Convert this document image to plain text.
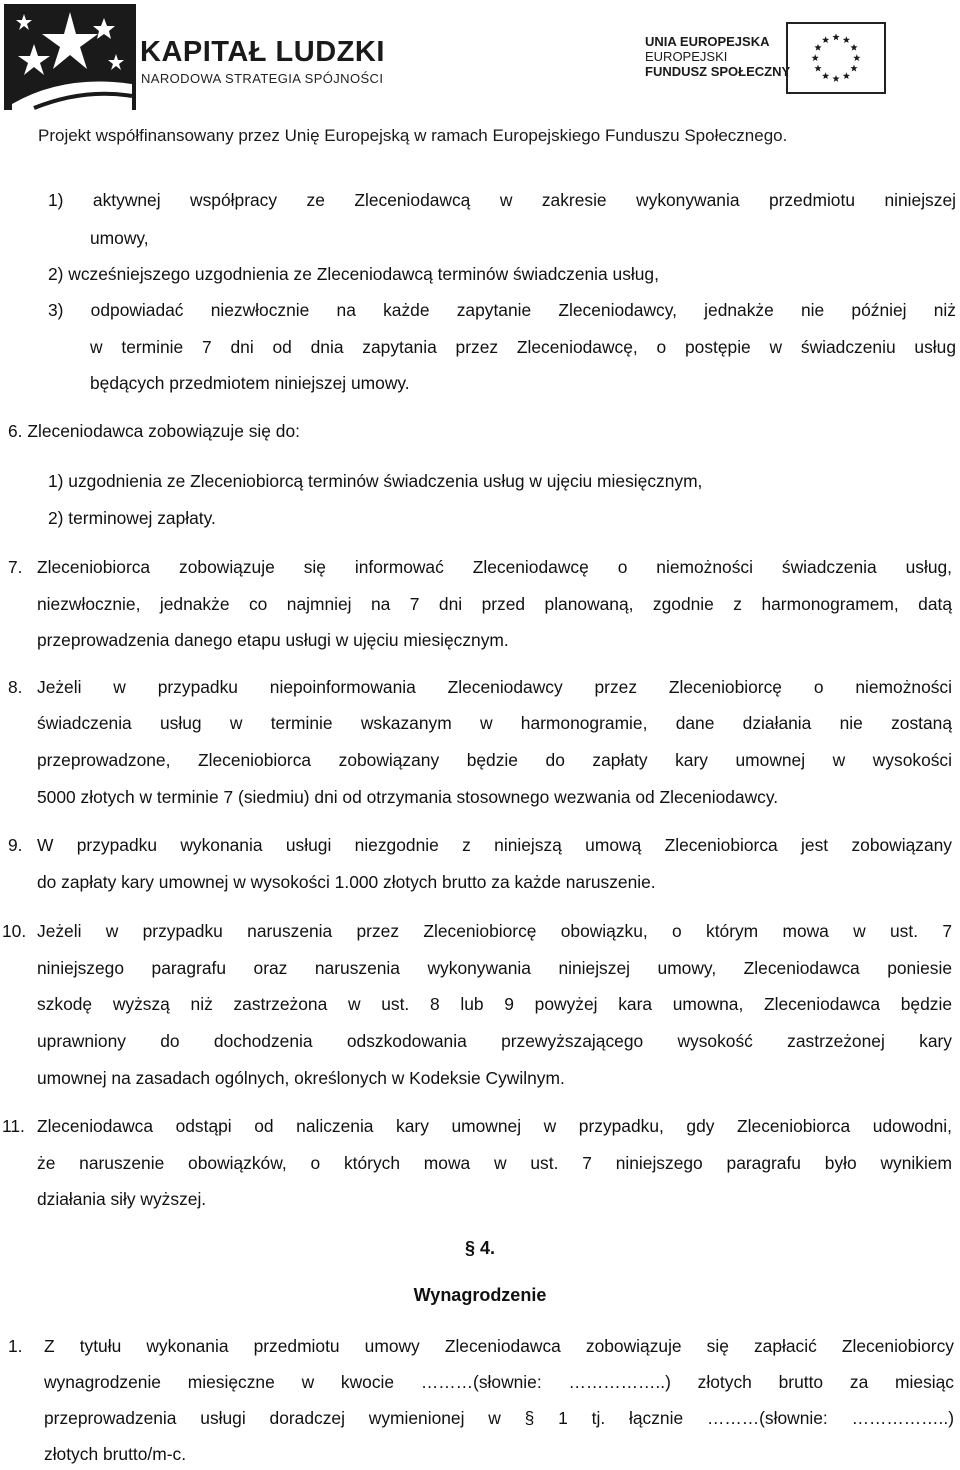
KAPITAŁ LUDZKI
NARODOWA STRATEGIA SPÓJNOŚCI
UNIA EUROPEJSKA
EUROPEJSKI
FUNDUSZ SPOŁECZNY
Projekt współfinansowany przez Unię Europejską w ramach Europejskiego Funduszu Społecznego.
1) aktywnej współpracy ze Zleceniodawcą w zakresie wykonywania przedmiotu niniejszej
umowy,
2) wcześniejszego uzgodnienia ze Zleceniodawcą terminów świadczenia usług,
3) odpowiadać niezwłocznie na każde zapytanie Zleceniodawcy, jednakże nie później niż
w terminie 7 dni od dnia zapytania przez Zleceniodawcę, o postępie w świadczeniu usług
będących przedmiotem niniejszej umowy.
6. Zleceniodawca zobowiązuje się do:
1) uzgodnienia ze Zleceniobiorcą terminów świadczenia usług w ujęciu miesięcznym,
2) terminowej zapłaty.
7. Zleceniobiorca zobowiązuje się informować Zleceniodawcę o niemożności świadczenia usług,
niezwłocznie, jednakże co najmniej na 7 dni przed planowaną, zgodnie z harmonogramem, datą
przeprowadzenia danego etapu usługi w ujęciu miesięcznym.
8. Jeżeli w przypadku niepoinformowania Zleceniodawcy przez Zleceniobiorcę o niemożności
świadczenia usług w terminie wskazanym w harmonogramie, dane działania nie zostaną
przeprowadzone, Zleceniobiorca zobowiązany będzie do zapłaty kary umownej w wysokości
5000 złotych w terminie 7 (siedmiu) dni od otrzymania stosownego wezwania od Zleceniodawcy.
9. W przypadku wykonania usługi niezgodnie z niniejszą umową Zleceniobiorca jest zobowiązany
do zapłaty kary umownej w wysokości 1.000 złotych brutto za każde naruszenie.
10. Jeżeli w przypadku naruszenia przez Zleceniobiorcę obowiązku, o którym mowa w ust. 7
niniejszego paragrafu oraz naruszenia wykonywania niniejszej umowy, Zleceniodawca poniesie
szkodę wyższą niż zastrzeżona w ust. 8 lub 9 powyżej kara umowna, Zleceniodawca będzie
uprawniony do dochodzenia odszkodowania przewyższającego wysokość zastrzeżonej kary
umownej na zasadach ogólnych, określonych w Kodeksie Cywilnym.
11. Zleceniodawca odstąpi od naliczenia kary umownej w przypadku, gdy Zleceniobiorca udowodni,
że naruszenie obowiązków, o których mowa w ust. 7 niniejszego paragrafu było wynikiem
działania siły wyższej.
§ 4.
Wynagrodzenie
1. Z tytułu wykonania przedmiotu umowy Zleceniodawca zobowiązuje się zapłacić Zleceniobiorcy
wynagrodzenie miesięczne w kwocie ………(słownie: ……………..) złotych brutto za miesiąc
przeprowadzenia usługi doradczej wymienionej w § 1 tj. łącznie ………(słownie: ……………..)
złotych brutto/m-c.
